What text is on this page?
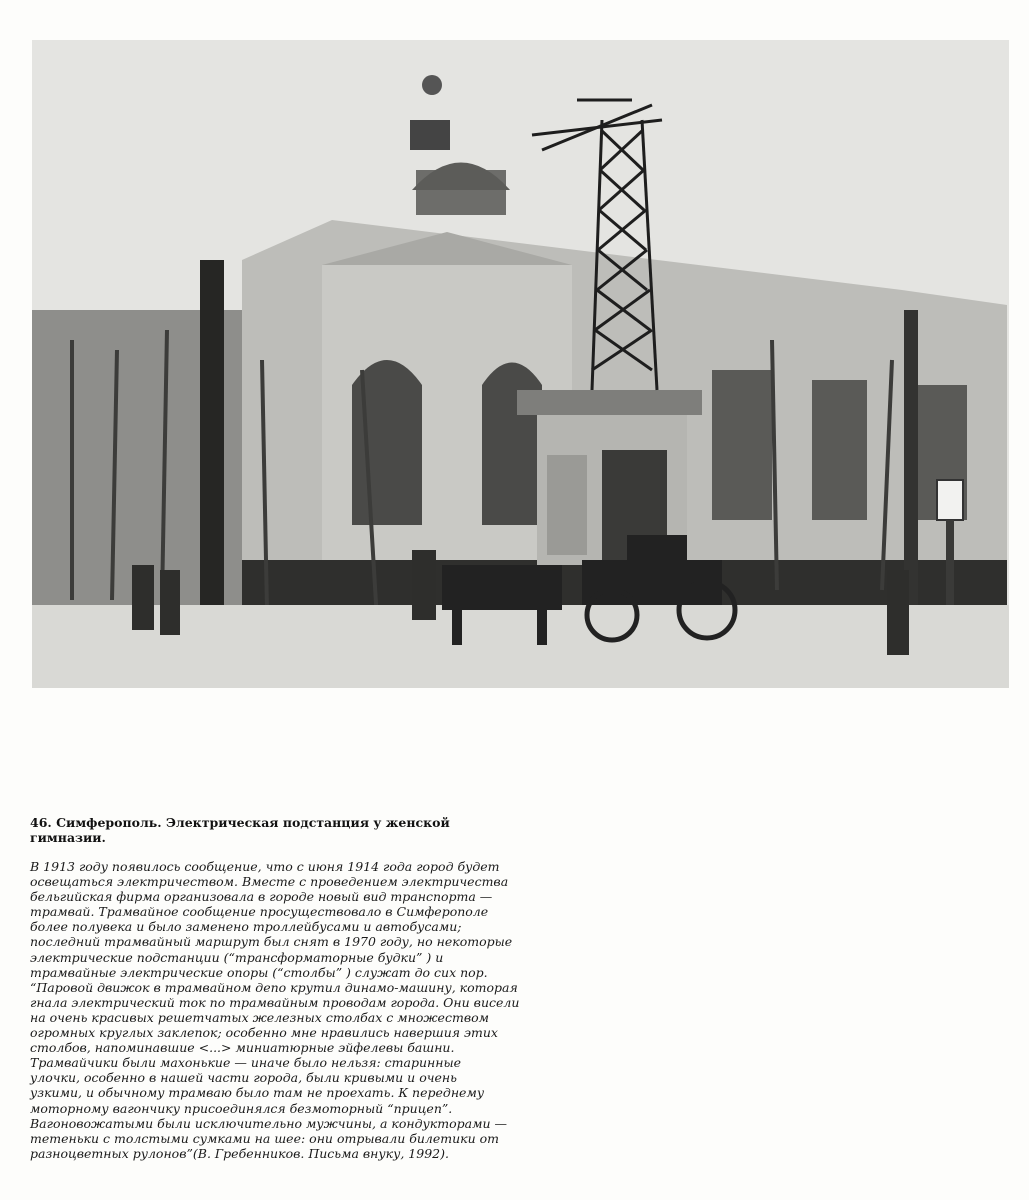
46. Симферополь. Электрическая подстанция у женской
гимназии.

В 1913 году появилось сообщение, что с июня 1914 года город будет

освещаться электричеством. Вместе с проведением электричества

бельгийская фирма организовала в городе новый вид транспорта —

трамвай. Трамвайное сообщение просуществовало в Симферополе

более полувека и было заменено троллейбусами и автобусами;

последний трамвайный маршрут был снят в 1970 году, но некоторые

электрические подстанции (“трансформаторные будки” ) и

трамвайные электрические опоры (“столбы” ) служат до сих пор.

“Паровой движок в трамвайном депо крутил динамо-машину, которая

гнала электрический ток по трамвайным проводам города. Они висели

на очень красивых решетчатых железных столбах с множеством

огромных круглых заклепок; особенно мне нравились навершия этих

столбов, напоминавшие <...> миниатюрные эйфелевы башни.

Трамвайчики были махонькие — иначе было нельзя: старинные

улочки, особенно в нашей части города, были кривыми и очень

узкими, и обычному трамваю было там не проехать. К переднему

моторному вагончику присоединялся безмоторный “прицеп”.

Вагоновожатыми были исключительно мужчины, а кондукторами —

тетеньки с толстыми сумками на шее: они отрывали билетики от

разноцветных рулонов”(В. Гребенников. Письма внуку, 1992).
